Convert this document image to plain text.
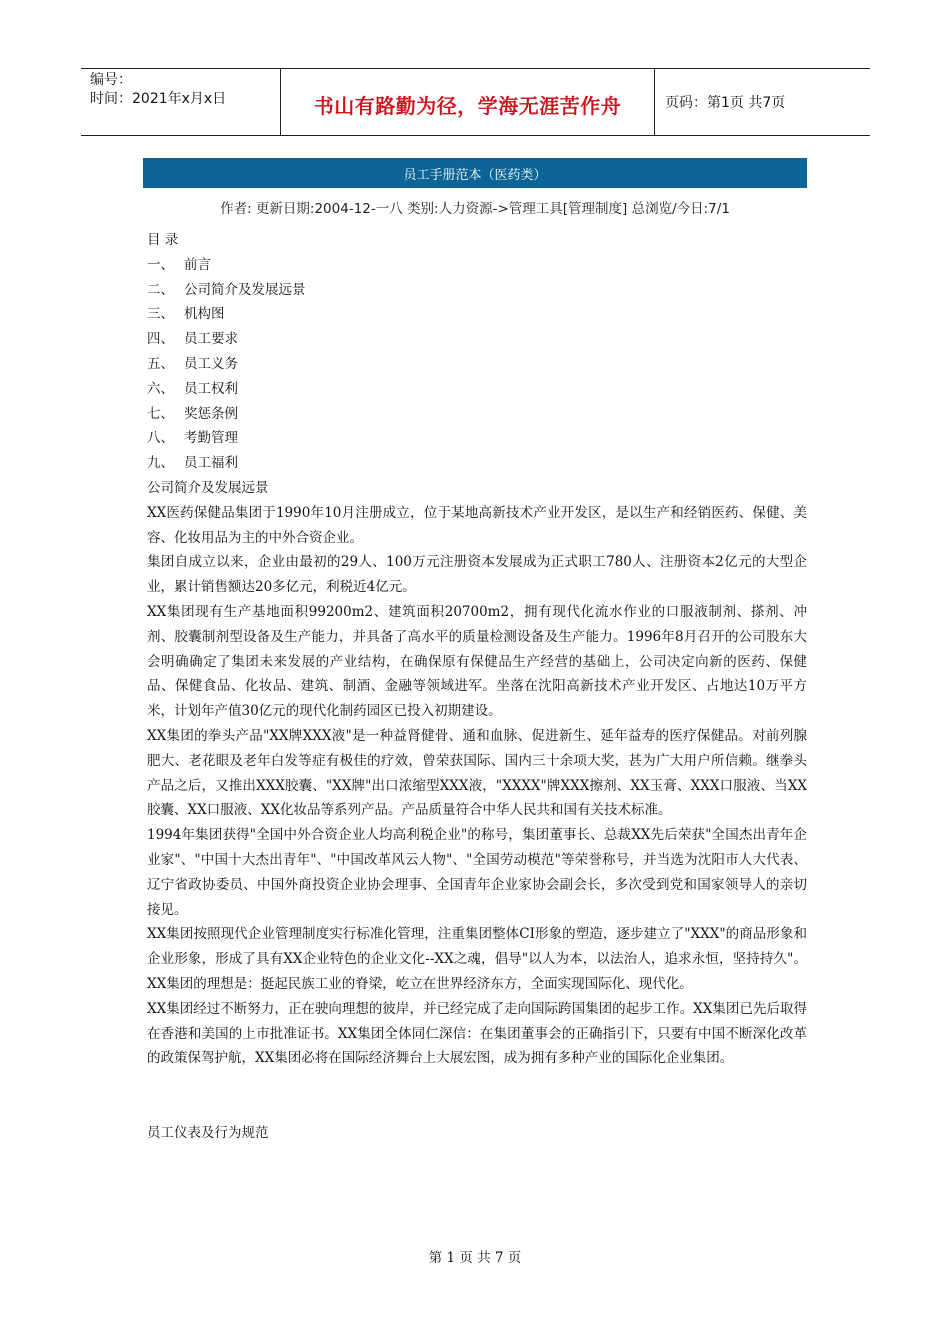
编号：
时间：2021年x月x日	书山有路勤为径，学海无涯苦作舟	页码：第1页 共7页
员工手册范本（医药类）
作者: 更新日期:2004-12-一八 类别:人力资源->管理工具[管理制度] 总浏览/今日:7/1

目 录

一、 前言
二、 公司简介及发展远景
三、 机构图
四、 员工要求
五、 员工义务
六、 员工权利
七、 奖惩条例
八、 考勤管理
九、 员工福利

公司简介及发展远景

XX医药保健品集团于1990年10月注册成立，位于某地高新技术产业开发区，是以生产和经销医药、保健、美容、化妆用品为主的中外合资企业。

集团自成立以来，企业由最初的29人、100万元注册资本发展成为正式职工780人、注册资本2亿元的大型企业，累计销售额达20多亿元，利税近4亿元。

XX集团现有生产基地面积99200m2、建筑面积20700m2，拥有现代化流水作业的口服液制剂、搽剂、冲剂、胶囊制剂型设备及生产能力，并具备了高水平的质量检测设备及生产能力。1996年8月召开的公司股东大会明确确定了集团未来发展的产业结构，在确保原有保健品生产经营的基础上，公司决定向新的医药、保健品、保健食品、化妆品、建筑、制酒、金融等领域进军。坐落在沈阳高新技术产业开发区、占地达10万平方米，计划年产值30亿元的现代化制药园区已投入初期建设。

XX集团的拳头产品"XX牌XXX液"是一种益肾健骨、通和血脉、促进新生、延年益寿的医疗保健品。对前列腺肥大、老花眼及老年白发等症有极佳的疗效，曾荣获国际、国内三十余项大奖，甚为广大用户所信赖。继拳头产品之后，又推出XXX胶囊、"XX牌"出口浓缩型XXX液，"XXXX"牌XXX擦剂、XX玉膏、XXX口服液、当XX胶囊、XX口服液、XX化妆品等系列产品。产品质量符合中华人民共和国有关技术标准。

1994年集团获得"全国中外合资企业人均高利税企业"的称号，集团董事长、总裁XX先后荣获"全国杰出青年企业家"、"中国十大杰出青年"、"中国改革风云人物"、"全国劳动模范"等荣誉称号，并当选为沈阳市人大代表、辽宁省政协委员、中国外商投资企业协会理事、全国青年企业家协会副会长，多次受到党和国家领导人的亲切接见。

XX集团按照现代企业管理制度实行标准化管理，注重集团整体CI形象的塑造，逐步建立了"XXX"的商品形象和企业形象，形成了具有XX企业特色的企业文化--XX之魂，倡导"以人为本，以法治人，追求永恒，坚持持久"。 XX集团的理想是：挺起民族工业的脊梁，屹立在世界经济东方，全面实现国际化、现代化。

XX集团经过不断努力，正在驶向理想的彼岸，并已经完成了走向国际跨国集团的起步工作。XX集团已先后取得在香港和美国的上市批准证书。XX集团全体同仁深信：在集团董事会的正确指引下，只要有中国不断深化改革的政策保驾护航，XX集团必将在国际经济舞台上大展宏图，成为拥有多种产业的国际化企业集团。

员工仪表及行为规范

第 1 页 共 7 页
